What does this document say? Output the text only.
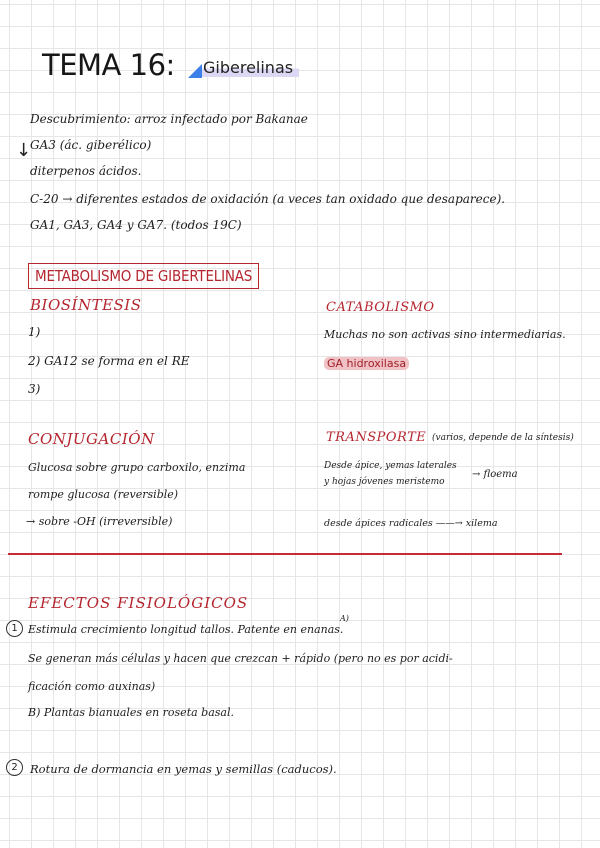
TEMA 16: Giberelinas
Descubrimiento: arroz infectado por Bakanae
GA3 (ác. giberélico)
↓
diterpenos ácidos.
C-20 → diferentes estados de oxidación (a veces tan oxidado que desaparece).
GA1, GA3, GA4 y GA7. (todos 19C)
METABOLISMO DE GIBERTELINAS
BIOSÍNTESIS
1)
2) GA12 se forma en el RE
3)
CATABOLISMO
Muchas no son activas sino intermediarias.
GA hidroxilasa
CONJUGACIÓN
Glucosa sobre grupo carboxilo, enzima
rompe glucosa (reversible)
→ sobre -OH (irreversible)
TRANSPORTE (varios, depende de la síntesis)
Desde ápice, yemas laterales
y hojas jóvenes meristemo
→ floema
desde ápices radicales ——→ xilema
EFECTOS FISIOLÓGICOS
1 Estimula crecimiento longitud tallos. Patente en enanas.
A)
Se generan más células y hacen que crezcan + rápido (pero no es por acidi-
ficación como auxinas)
B) Plantas bianuales en roseta basal.
2	Rotura de dormancia en yemas y semillas (caducos).
